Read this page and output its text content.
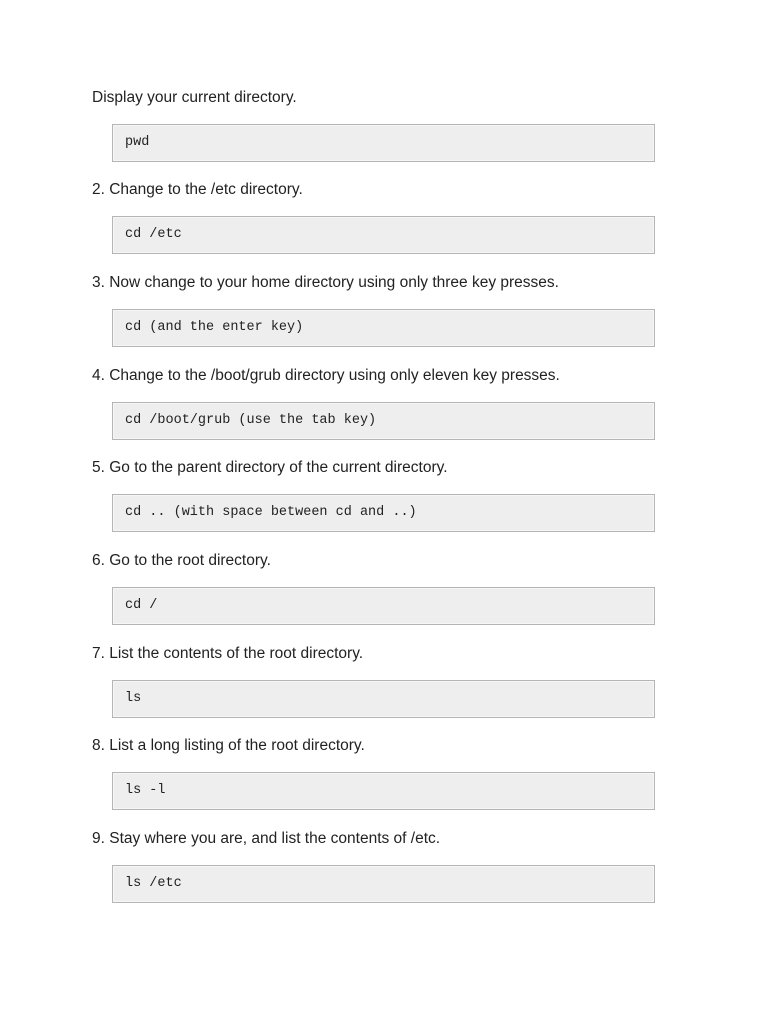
Display your current directory.
pwd
2. Change to the /etc directory.
cd /etc
3. Now change to your home directory using only three key presses.
cd (and the enter key)
4. Change to the /boot/grub directory using only eleven key presses.
cd /boot/grub (use the tab key)
5. Go to the parent directory of the current directory.
cd .. (with space between cd and ..)
6. Go to the root directory.
cd /
7. List the contents of the root directory.
ls
8. List a long listing of the root directory.
ls -l
9. Stay where you are, and list the contents of /etc.
ls /etc
